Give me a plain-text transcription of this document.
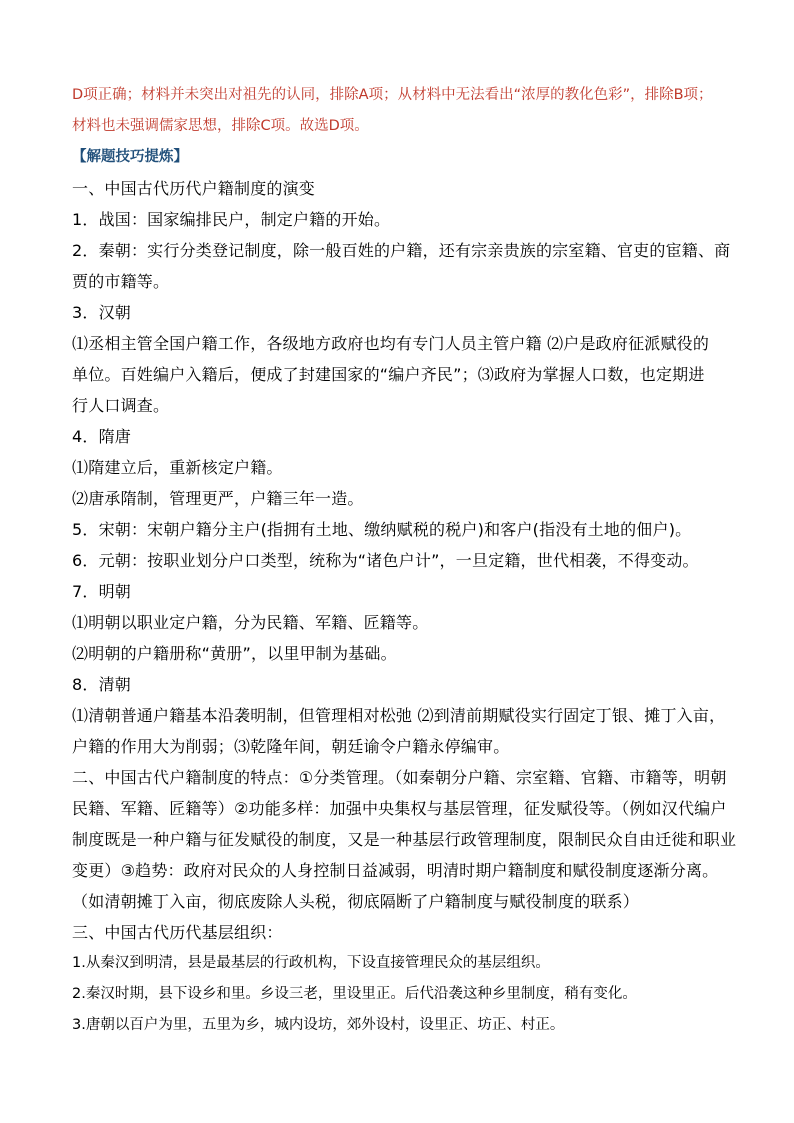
D项正确；材料并未突出对祖先的认同，排除A项；从材料中无法看出“浓厚的教化色彩”，排除B项；
材料也未强调儒家思想，排除C项。故选D项。
【解题技巧提炼】
一、中国古代历代户籍制度的演变
1．战国：国家编排民户，制定户籍的开始。
2．秦朝：实行分类登记制度，除一般百姓的户籍，还有宗亲贵族的宗室籍、官吏的宦籍、商
贾的市籍等。
3．汉朝
⑴丞相主管全国户籍工作，各级地方政府也均有专门人员主管户籍 ⑵户是政府征派赋役的
单位。百姓编户入籍后，便成了封建国家的“编户齐民”；⑶政府为掌握人口数，也定期进
行人口调查。
4．隋唐
⑴隋建立后，重新核定户籍。
⑵唐承隋制，管理更严，户籍三年一造。
5．宋朝：宋朝户籍分主户(指拥有土地、缴纳赋税的税户)和客户(指没有土地的佃户)。
6．元朝：按职业划分户口类型，统称为“诸色户计”，一旦定籍，世代相袭，不得变动。
7．明朝
⑴明朝以职业定户籍，分为民籍、军籍、匠籍等。
⑵明朝的户籍册称“黄册”，以里甲制为基础。
8．清朝
⑴清朝普通户籍基本沿袭明制，但管理相对松弛 ⑵到清前期赋役实行固定丁银、摊丁入亩，
户籍的作用大为削弱；⑶乾隆年间，朝廷谕令户籍永停编审。
二、中国古代户籍制度的特点：①分类管理。（如秦朝分户籍、宗室籍、官籍、市籍等，明朝
民籍、军籍、匠籍等）②功能多样：加强中央集权与基层管理，征发赋役等。（例如汉代编户
制度既是一种户籍与征发赋役的制度，又是一种基层行政管理制度，限制民众自由迁徙和职业
变更）③趋势：政府对民众的人身控制日益减弱，明清时期户籍制度和赋役制度逐渐分离。
（如清朝摊丁入亩，彻底废除人头税，彻底隔断了户籍制度与赋役制度的联系）
三、中国古代历代基层组织：
1.从秦汉到明清，县是最基层的行政机构，下设直接管理民众的基层组织。
2.秦汉时期，县下设乡和里。乡设三老，里设里正。后代沿袭这种乡里制度，稍有变化。
3.唐朝以百户为里，五里为乡，城内设坊，郊外设村，设里正、坊正、村正。
